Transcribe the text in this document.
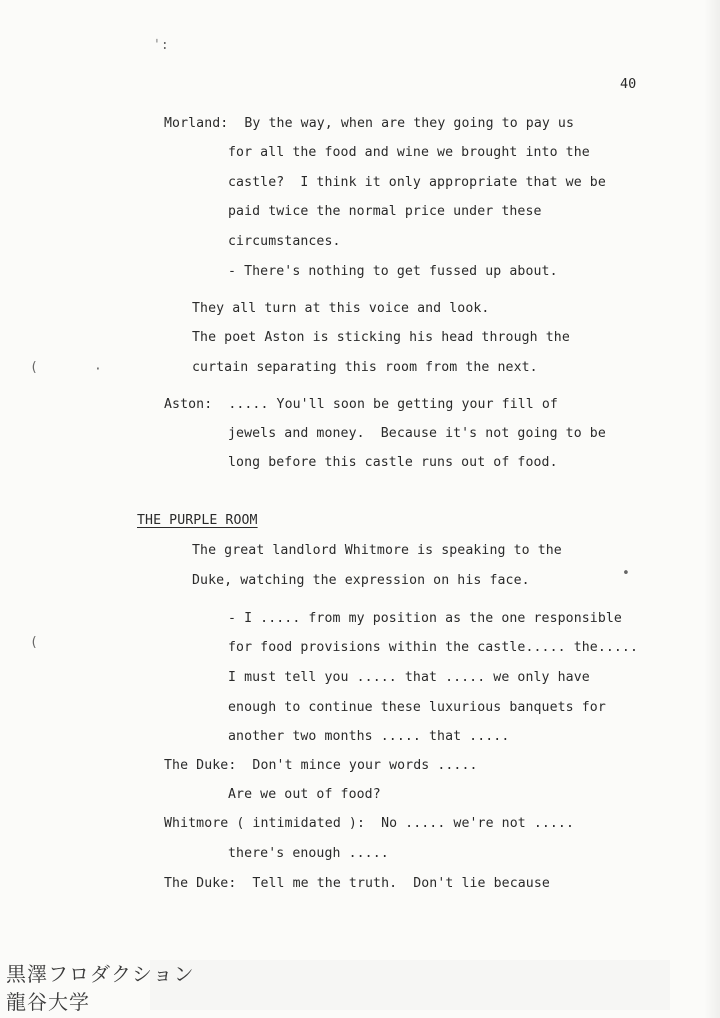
40
Morland:  By the way, when are they going to pay us
for all the food and wine we brought into the
castle?  I think it only appropriate that we be
paid twice the normal price under these
circumstances.
- There's nothing to get fussed up about.
They all turn at this voice and look.
The poet Aston is sticking his head through the
curtain separating this room from the next.
Aston:  ..... You'll soon be getting your fill of
jewels and money.  Because it's not going to be
long before this castle runs out of food.
The great landlord Whitmore is speaking to the
Duke, watching the expression on his face.
- I ..... from my position as the one responsible
for food provisions within the castle..... the.....
I must tell you ..... that ..... we only have
enough to continue these luxurious banquets for
another two months ..... that .....
The Duke:  Don't mince your words .....
Are we out of food?
Whitmore ( intimidated ):  No ..... we're not .....
there's enough .....
The Duke:  Tell me the truth.  Don't lie because
THE PURPLE ROOM
ˈ:
(	·
(
•
黒澤フロダクション
龍谷大学
